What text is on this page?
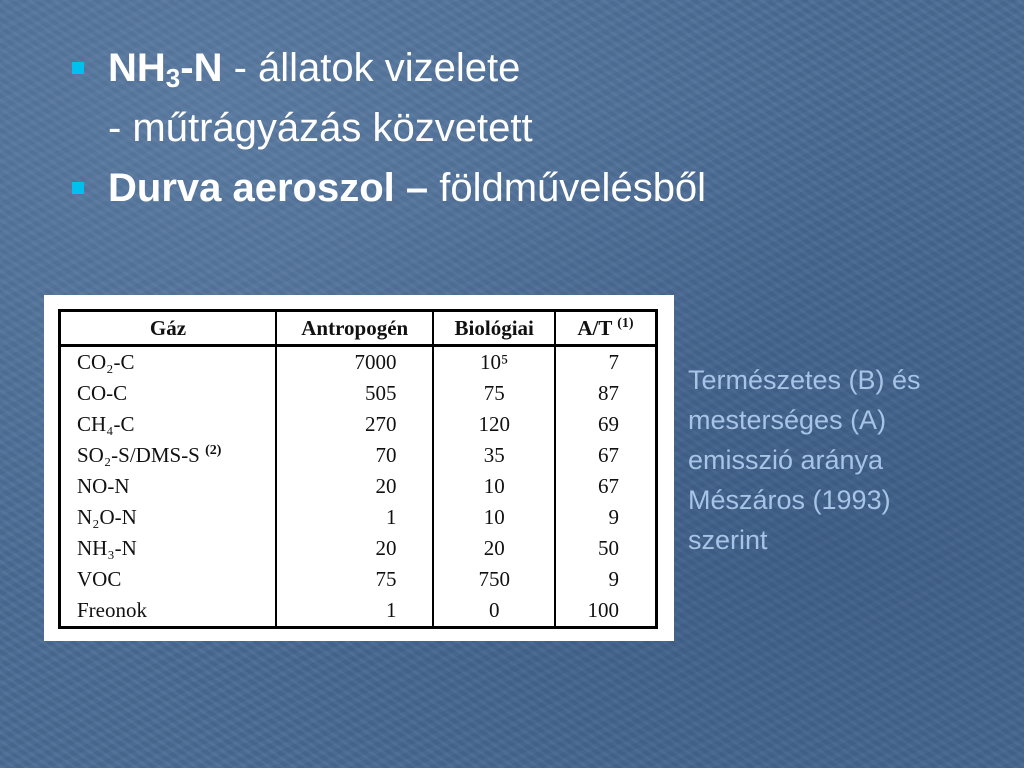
$NH_3-N$ - állatok vizelete
- műtrágyázás közvetett
Durva aeroszol – földművelésből
Gáz	Antropogén	Biológiai	A/T $^{(1)}$
CO₂-C	7000	10⁵	7
CO-C	505	75	87
CH₄-C	270	120	69
SO₂-S/DMS-S $^{(2)}$	70	35	67
NO-N	20	10	67
N₂O-N	1	10	9
NH₃-N	20	20	50
VOC	75	750	9
Freonok	1	0	100
Természetes (B) és
mesterséges (A)
emisszió aránya
Mészáros (1993)
szerint
